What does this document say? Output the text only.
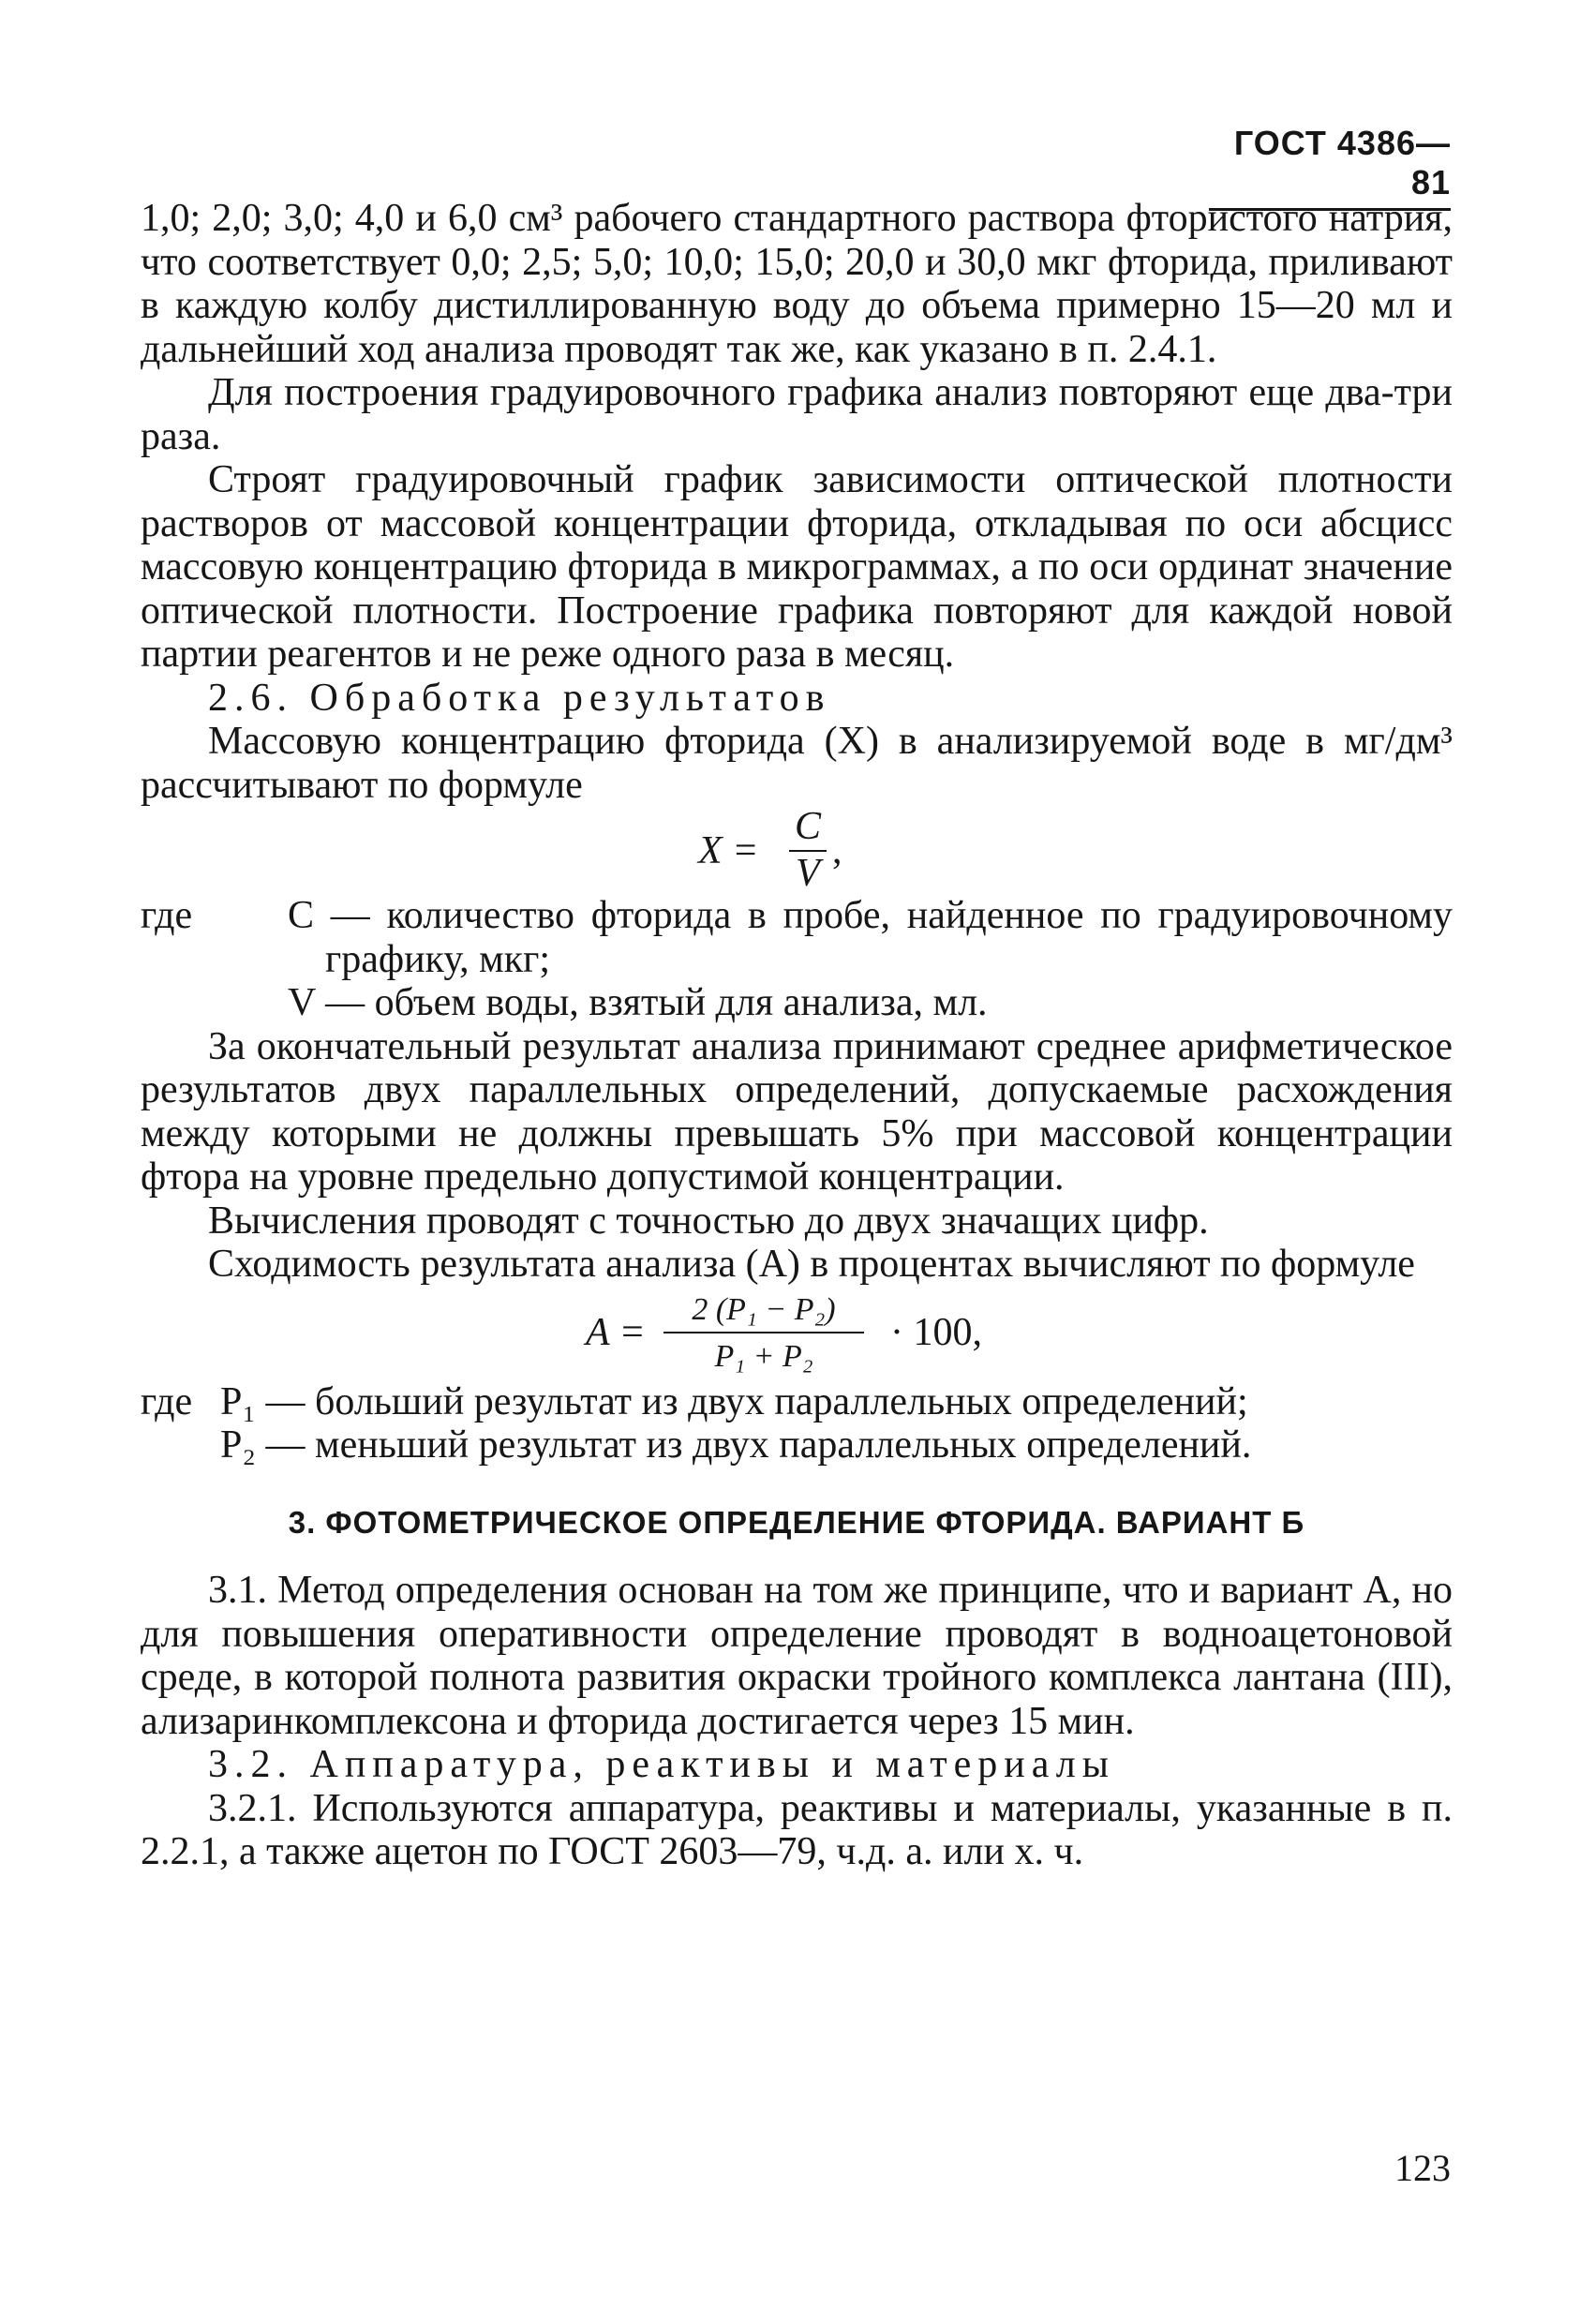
ГОСТ 4386—81

1,0; 2,0; 3,0; 4,0 и 6,0 см³ рабочего стандартного раствора фтористого натрия, что соответствует 0,0; 2,5; 5,0; 10,0; 15,0; 20,0 и 30,0 мкг фторида, приливают в каждую колбу дистиллированную воду до объема примерно 15—20 мл и дальнейший ход анализа проводят так же, как указано в п. 2.4.1.

Для построения градуировочного графика анализ повторяют еще два-три раза.

Строят градуировочный график зависимости оптической плотности растворов от массовой концентрации фторида, откладывая по оси абсцисс массовую концентрацию фторида в микрограммах, а по оси ординат значение оптической плотности. Построение графика повторяют для каждой новой партии реагентов и не реже одного раза в месяц.

2.6. Обработка результатов

Массовую концентрацию фторида (X) в анализируемой воде в мг/дм³ рассчитывают по формуле

X =
C
V
,
где C — количество фторида в пробе, найденное по градуировочному графику, мкг;

V — объем воды, взятый для анализа, мл.

За окончательный результат анализа принимают среднее арифметическое результатов двух параллельных определений, допускаемые расхождения между которыми не должны превышать 5% при массовой концентрации фтора на уровне предельно допустимой концентрации.

Вычисления проводят с точностью до двух значащих цифр.

Сходимость результата анализа (A) в процентах вычисляют по формуле

A =
2 (P₁ − P₂)
P₁ + P₂
· 100,
где P₁ — больший результат из двух параллельных определений;

P₂ — меньший результат из двух параллельных определений.

3. ФОТОМЕТРИЧЕСКОЕ ОПРЕДЕЛЕНИЕ ФТОРИДА. ВАРИАНТ Б

3.1. Метод определения основан на том же принципе, что и вариант А, но для повышения оперативности определение проводят в водноацетоновой среде, в которой полнота развития окраски тройного комплекса лантана (III), ализаринкомплексона и фторида достигается через 15 мин.

3.2. Аппаратура, реактивы и материалы

3.2.1. Используются аппаратура, реактивы и материалы, указанные в п. 2.2.1, а также ацетон по ГОСТ 2603—79, ч.д. а. или х. ч.

123
